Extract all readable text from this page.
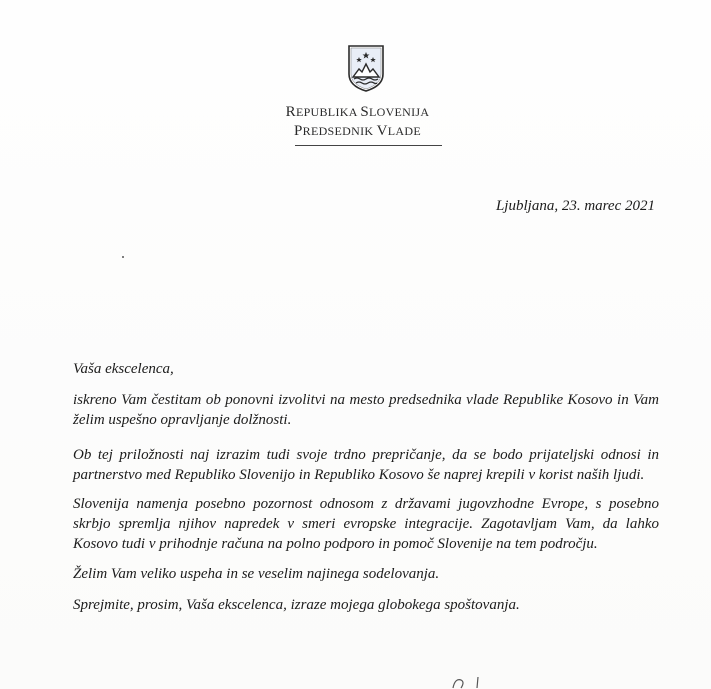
REPUBLIKA SLOVENIJA
PREDSEDNIK VLADE
Ljubljana, 23. marec 2021
Vaša ekscelenca,
iskreno Vam čestitam ob ponovni izvolitvi na mesto predsednika vlade Republike Kosovo in Vam želim uspešno opravljanje dolžnosti.
Ob tej priložnosti naj izrazim tudi svoje trdno prepričanje, da se bodo prijateljski odnosi in partnerstvo med Republiko Slovenijo in Republiko Kosovo še naprej krepili v korist naših ljudi.
Slovenija namenja posebno pozornost odnosom z državami jugovzhodne Evrope, s posebno skrbjo spremlja njihov napredek v smeri evropske integracije. Zagotavljam Vam, da lahko Kosovo tudi v prihodnje računa na polno podporo in pomoč Slovenije na tem področju.
Želim Vam veliko uspeha in se veselim najinega sodelovanja.
Sprejmite, prosim, Vaša ekscelenca, izraze mojega globokega spoštovanja.
